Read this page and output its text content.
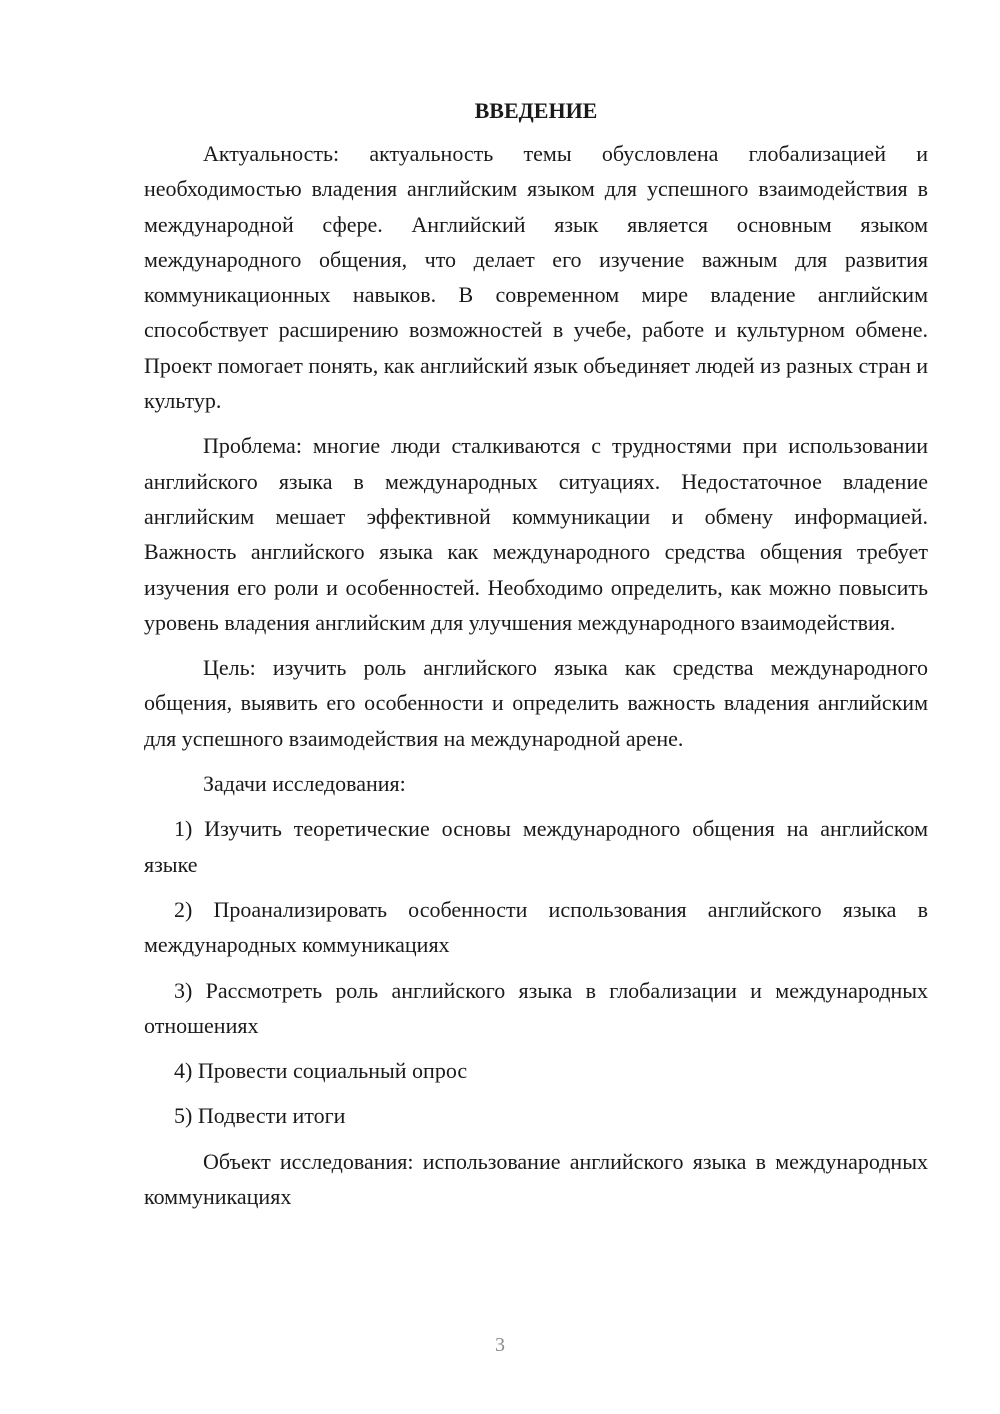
ВВЕДЕНИЕ

Актуальность: актуальность темы обусловлена глобализацией и необходимостью владения английским языком для успешного взаимодействия в международной сфере. Английский язык является основным языком международного общения, что делает его изучение важным для развития коммуникационных навыков. В современном мире владение английским способствует расширению возможностей в учебе, работе и культурном обмене. Проект помогает понять, как английский язык объединяет людей из разных стран и культур.

Проблема: многие люди сталкиваются с трудностями при использовании английского языка в международных ситуациях. Недостаточное владение английским мешает эффективной коммуникации и обмену информацией. Важность английского языка как международного средства общения требует изучения его роли и особенностей. Необходимо определить, как можно повысить уровень владения английским для улучшения международного взаимодействия.

Цель: изучить роль английского языка как средства международного общения, выявить его особенности и определить важность владения английским для успешного взаимодействия на международной арене.

Задачи исследования:

1) Изучить теоретические основы международного общения на английском языке

2) Проанализировать особенности использования английского языка в международных коммуникациях

3) Рассмотреть роль английского языка в глобализации и международных отношениях

4) Провести социальный опрос

5) Подвести итоги

Объект исследования: использование английского языка в международных коммуникациях

3
